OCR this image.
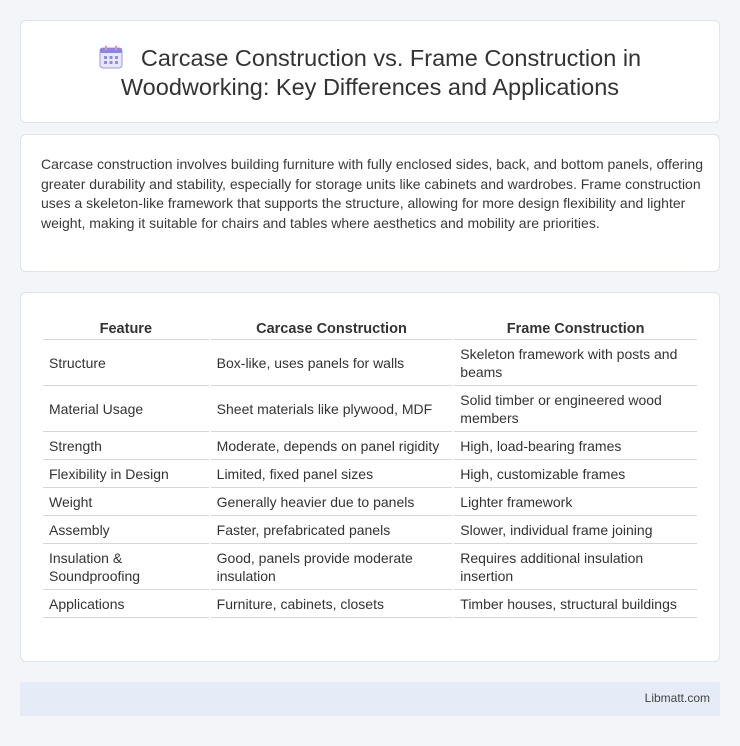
Carcase Construction vs. Frame Construction in Woodworking: Key Differences and Applications
Carcase construction involves building furniture with fully enclosed sides, back, and bottom panels, offering greater durability and stability, especially for storage units like cabinets and wardrobes. Frame construction uses a skeleton-like framework that supports the structure, allowing for more design flexibility and lighter weight, making it suitable for chairs and tables where aesthetics and mobility are priorities.
Feature	Carcase Construction	Frame Construction
Structure	Box-like, uses panels for walls	Skeleton framework with posts and beams
Material Usage	Sheet materials like plywood, MDF	Solid timber or engineered wood members
Strength	Moderate, depends on panel rigidity	High, load-bearing frames
Flexibility in Design	Limited, fixed panel sizes	High, customizable frames
Weight	Generally heavier due to panels	Lighter framework
Assembly	Faster, prefabricated panels	Slower, individual frame joining
Insulation & Soundproofing	Good, panels provide moderate insulation	Requires additional insulation insertion
Applications	Furniture, cabinets, closets	Timber houses, structural buildings
Libmatt.com
